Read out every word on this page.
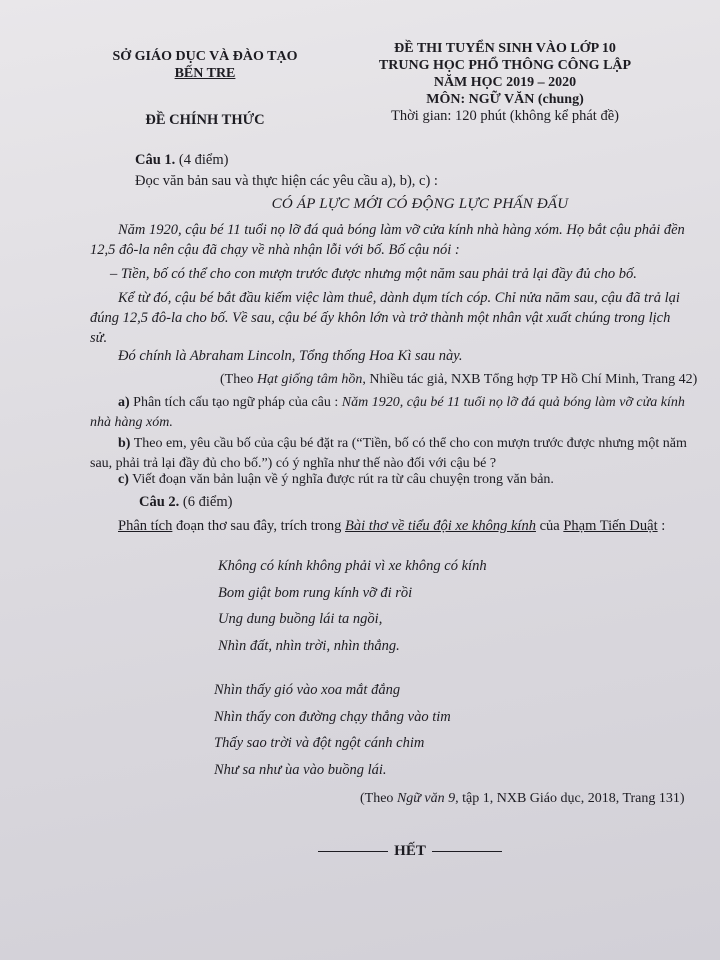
SỞ GIÁO DỤC VÀ ĐÀO TẠO
BẾN TRE
ĐỀ CHÍNH THỨC
ĐỀ THI TUYỂN SINH VÀO LỚP 10
TRUNG HỌC PHỔ THÔNG CÔNG LẬP
NĂM HỌC 2019 – 2020
MÔN: NGỮ VĂN (chung)
Thời gian: 120 phút (không kể phát đề)
Câu 1. (4 điểm)
Đọc văn bản sau và thực hiện các yêu cầu a), b), c) :
CÓ ÁP LỰC MỚI CÓ ĐỘNG LỰC PHẤN ĐẤU
Năm 1920, cậu bé 11 tuổi nọ lỡ đá quả bóng làm vỡ cửa kính nhà hàng xóm. Họ bắt cậu phải đền 12,5 đô-la nên cậu đã chạy về nhà nhận lỗi với bố. Bố cậu nói :
– Tiền, bố có thể cho con mượn trước được nhưng một năm sau phải trả lại đầy đủ cho bố.
Kể từ đó, cậu bé bắt đầu kiếm việc làm thuê, dành dụm tích cóp. Chỉ nửa năm sau, cậu đã trả lại đúng 12,5 đô-la cho bố. Về sau, cậu bé ấy khôn lớn và trở thành một nhân vật xuất chúng trong lịch sử.
Đó chính là Abraham Lincoln, Tổng thống Hoa Kì sau này.
(Theo Hạt giống tâm hồn, Nhiều tác giả, NXB Tổng hợp TP Hồ Chí Minh, Trang 42)
a) Phân tích cấu tạo ngữ pháp của câu : Năm 1920, cậu bé 11 tuổi nọ lỡ đá quả bóng làm vỡ cửa kính nhà hàng xóm.
b) Theo em, yêu cầu bố của cậu bé đặt ra (“Tiền, bố có thể cho con mượn trước được nhưng một năm sau, phải trả lại đầy đủ cho bố.”) có ý nghĩa như thế nào đối với cậu bé ?
c) Viết đoạn văn bản luận về ý nghĩa được rút ra từ câu chuyện trong văn bản.
Câu 2. (6 điểm)
Phân tích đoạn thơ sau đây, trích trong Bài thơ về tiểu đội xe không kính của Phạm Tiến Duật :
Không có kính không phải vì xe không có kính
Bom giật bom rung kính vỡ đi rồi
Ung dung buồng lái ta ngồi,
Nhìn đất, nhìn trời, nhìn thẳng.
Nhìn thấy gió vào xoa mắt đắng
Nhìn thấy con đường chạy thẳng vào tim
Thấy sao trời và đột ngột cánh chim
Như sa như ùa vào buồng lái.
(Theo Ngữ văn 9, tập 1, NXB Giáo dục, 2018, Trang 131)
HẾT
